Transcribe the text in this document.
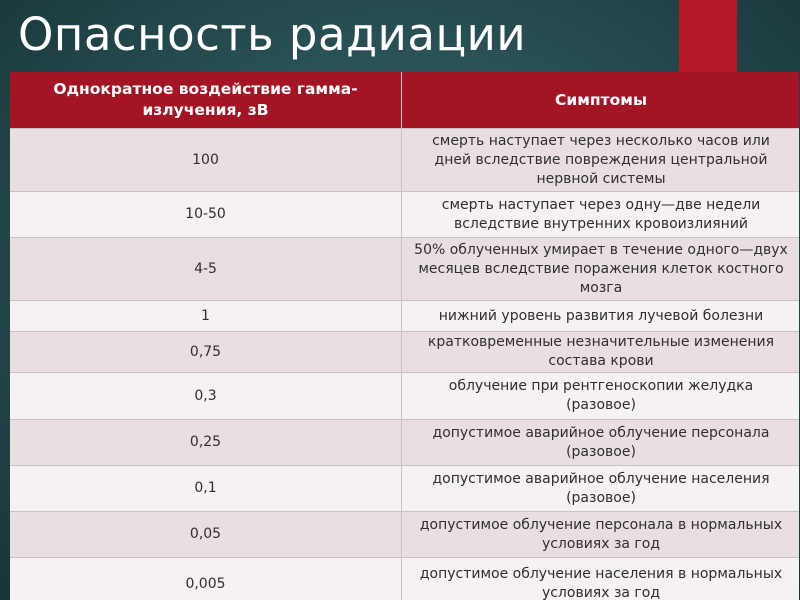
Опасность радиации
Однократное воздействие гамма-излучения, зВ
Симптомы
100
смерть наступает через несколько часов или дней вследствие повреждения центральной нервной системы
10-50
смерть наступает через одну—две недели вследствие внутренних кровоизлияний
4-5
50% облученных умирает в течение одного—двух месяцев вследствие поражения клеток костного мозга
1	нижний уровень развития лучевой болезни
0,75
кратковременные незначительные изменения состава крови
0,3
облучение при рентгеноскопии желудка (разовое)
0,25
допустимое аварийное облучение персонала (разовое)
0,1
допустимое аварийное облучение населения (разовое)
0,05
допустимое облучение персонала в нормальных условиях за год
0,005
допустимое облучение населения в нормальных условиях за год
